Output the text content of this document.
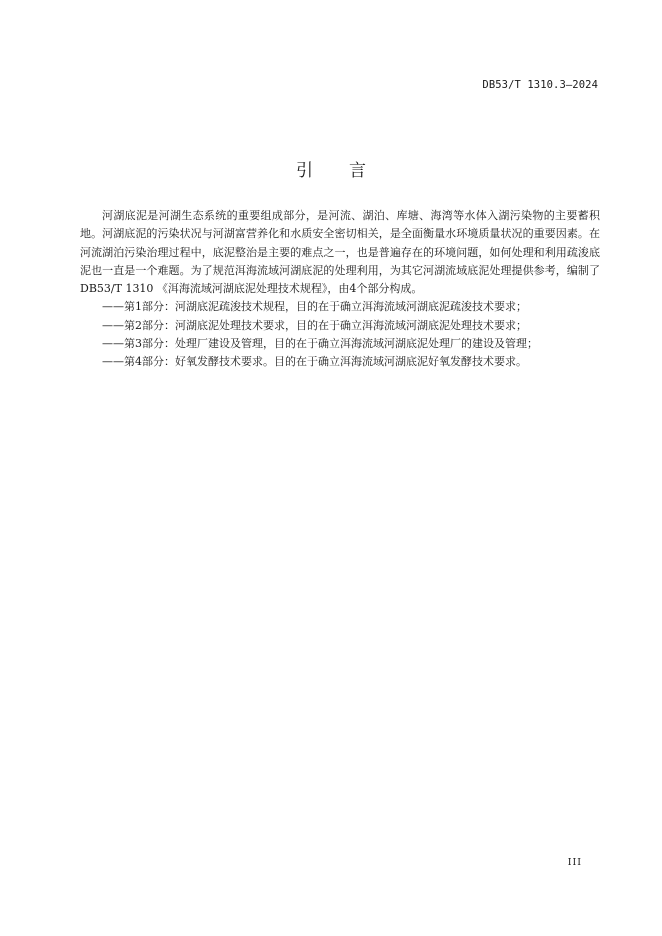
DB53/T 1310.3—2024
引言

河湖底泥是河湖生态系统的重要组成部分，是河流、湖泊、库塘、海湾等水体入湖污染物的主要蓄积地。河湖底泥的污染状况与河湖富营养化和水质安全密切相关，是全面衡量水环境质量状况的重要因素。在河流湖泊污染治理过程中，底泥整治是主要的难点之一，也是普遍存在的环境问题，如何处理和利用疏浚底泥也一直是一个难题。为了规范洱海流域河湖底泥的处理利用，为其它河湖流域底泥处理提供参考，编制了DB53/T 1310 《洱海流域河湖底泥处理技术规程》，由4个部分构成。

——第1部分：河湖底泥疏浚技术规程，目的在于确立洱海流域河湖底泥疏浚技术要求；
——第2部分：河湖底泥处理技术要求，目的在于确立洱海流域河湖底泥处理技术要求；
——第3部分：处理厂建设及管理，目的在于确立洱海流域河湖底泥处理厂的建设及管理；
——第4部分：好氧发酵技术要求。目的在于确立洱海流域河湖底泥好氧发酵技术要求。
III
